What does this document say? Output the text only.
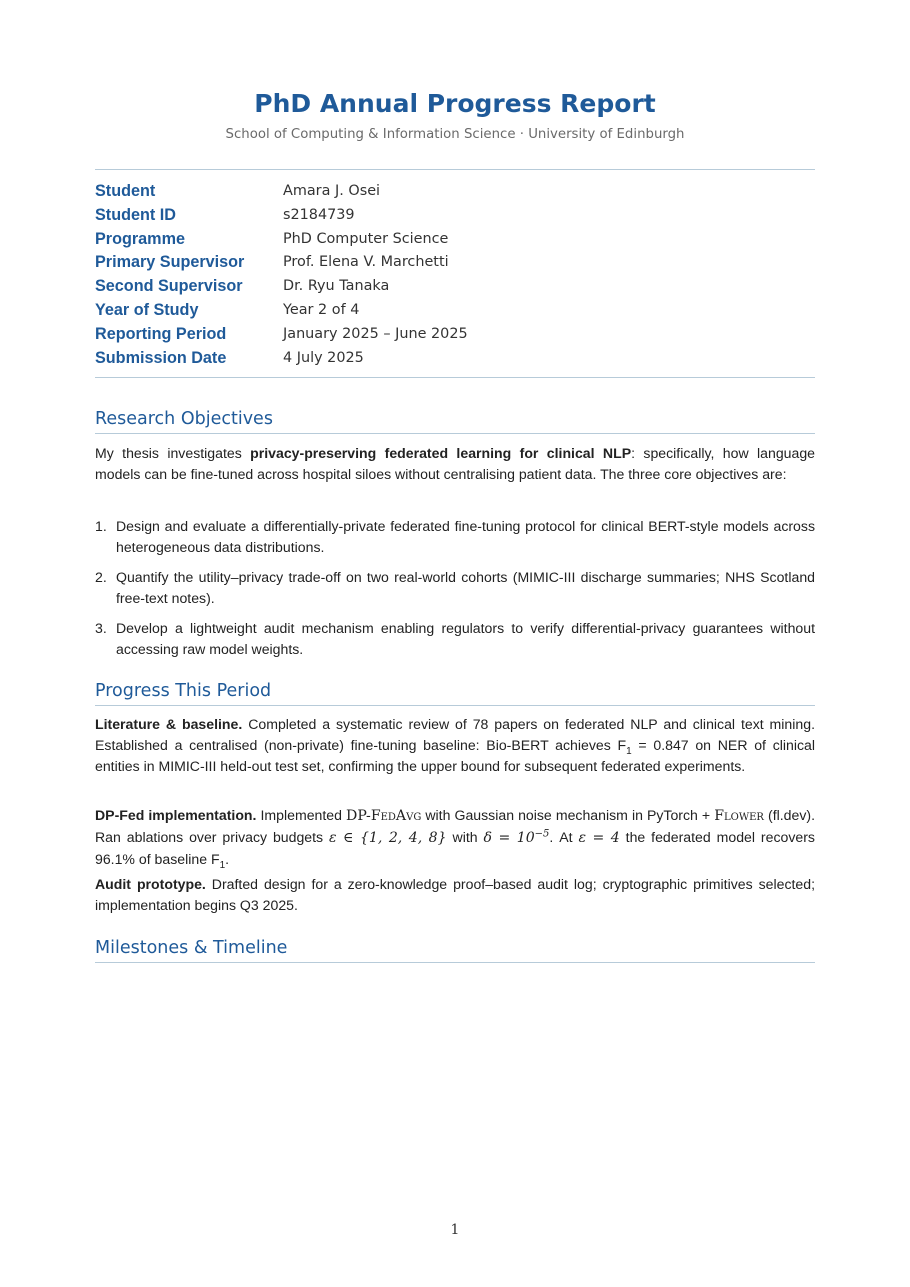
PhD Annual Progress Report
School of Computing & Information Science · University of Edinburgh
Student	Amara J. Osei
Student ID	s2184739
Programme	PhD Computer Science
Primary Supervisor	Prof. Elena V. Marchetti
Second Supervisor	Dr. Ryu Tanaka
Year of Study	Year 2 of 4
Reporting Period	January 2025 – June 2025
Submission Date	4 July 2025
Research Objectives
My thesis investigates privacy-preserving federated learning for clinical NLP: specifically, how language models can be fine-tuned across hospital siloes without centralising patient data. The three core objectives are:
1. Design and evaluate a differentially-private federated fine-tuning protocol for clinical BERT-style models across heterogeneous data distributions.
2. Quantify the utility–privacy trade-off on two real-world cohorts (MIMIC-III discharge summaries; NHS Scotland free-text notes).
3. Develop a lightweight audit mechanism enabling regulators to verify differential-privacy guarantees without accessing raw model weights.
Progress This Period
Literature & baseline. Completed a systematic review of 78 papers on federated NLP and clinical text mining. Established a centralised (non-private) fine-tuning baseline: Bio-BERT achieves $F_1 = 0.847$ on NER of clinical entities in MIMIC-III held-out test set, confirming the upper bound for subsequent federated experiments.
DP-Fed implementation. Implemented DP-FedAvg with Gaussian noise mechanism in PyTorch + Flower (fl.dev). Ran ablations over privacy budgets ε ∈ {1, 2, 4, 8} with $\delta = 10^{-5}$. At ε = 4 the federated model recovers 96.1% of baseline $F_1$.
Audit prototype. Drafted design for a zero-knowledge proof–based audit log; cryptographic primitives selected; implementation begins Q3 2025.
Milestones & Timeline
1
